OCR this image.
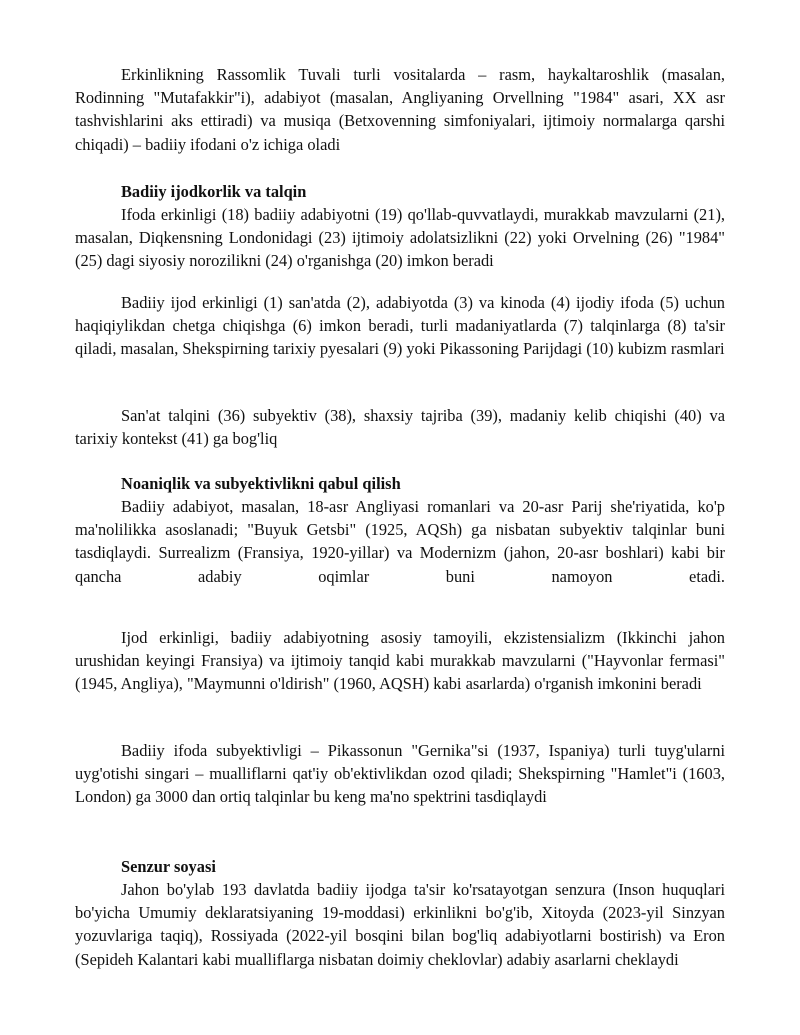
Erkinlikning Rassomlik Tuvali turli vositalarda – rasm, haykaltaroshlik (masalan, Rodinning "Mutafakkir"i), adabiyot (masalan, Angliyaning Orvellning "1984" asari, XX asr tashvishlarini aks ettiradi) va musiqa (Betxovenning simfoniyalari, ijtimoiy normalarga qarshi chiqadi) – badiiy ifodani o'z ichiga oladi

Badiiy ijodkorlik va talqin

Ifoda erkinligi (18) badiiy adabiyotni (19) qo'llab-quvvatlaydi, murakkab mavzularni (21), masalan, Diqkensning Londonidagi (23) ijtimoiy adolatsizlikni (22) yoki Orvelning (26) "1984" (25) dagi siyosiy norozilikni (24) o'rganishga (20) imkon beradi

Badiiy ijod erkinligi (1) san'atda (2), adabiyotda (3) va kinoda (4) ijodiy ifoda (5) uchun haqiqiylikdan chetga chiqishga (6) imkon beradi, turli madaniyatlarda (7) talqinlarga (8) ta'sir qiladi, masalan, Shekspirning tarixiy pyesalari (9) yoki Pikassoning Parijdagi (10) kubizm rasmlari

San'at talqini (36) subyektiv (38), shaxsiy tajriba (39), madaniy kelib chiqishi (40) va tarixiy kontekst (41) ga bog'liq

Noaniqlik va subyektivlikni qabul qilish

Badiiy adabiyot, masalan, 18-asr Angliyasi romanlari va 20-asr Parij she'riyatida, ko'p ma'nolilikka asoslanadi; "Buyuk Getsbi" (1925, AQSh) ga nisbatan subyektiv talqinlar buni tasdiqlaydi. Surrealizm (Fransiya, 1920-yillar) va Modernizm (jahon, 20-asr boshlari) kabi bir qancha adabiy oqimlar buni namoyon etadi.

Ijod erkinligi, badiiy adabiyotning asosiy tamoyili, ekzistensializm (Ikkinchi jahon urushidan keyingi Fransiya) va ijtimoiy tanqid kabi murakkab mavzularni ("Hayvonlar fermasi" (1945, Angliya), "Maymunni o'ldirish" (1960, AQSH) kabi asarlarda) o'rganish imkonini beradi

Badiiy ifoda subyektivligi – Pikassonun "Gernika"si (1937, Ispaniya) turli tuyg'ularni uyg'otishi singari – mualliflarni qat'iy ob'ektivlikdan ozod qiladi; Shekspirning "Hamlet"i (1603, London) ga 3000 dan ortiq talqinlar bu keng ma'no spektrini tasdiqlaydi

Senzur soyasi

Jahon bo'ylab 193 davlatda badiiy ijodga ta'sir ko'rsatayotgan senzura (Inson huquqlari bo'yicha Umumiy deklaratsiyaning 19-moddasi) erkinlikni bo'g'ib, Xitoyda (2023-yil Sinzyan yozuvlariga taqiq), Rossiyada (2022-yil bosqini bilan bog'liq adabiyotlarni bostirish) va Eron (Sepideh Kalantari kabi mualliflarga nisbatan doimiy cheklovlar) adabiy asarlarni cheklaydi
